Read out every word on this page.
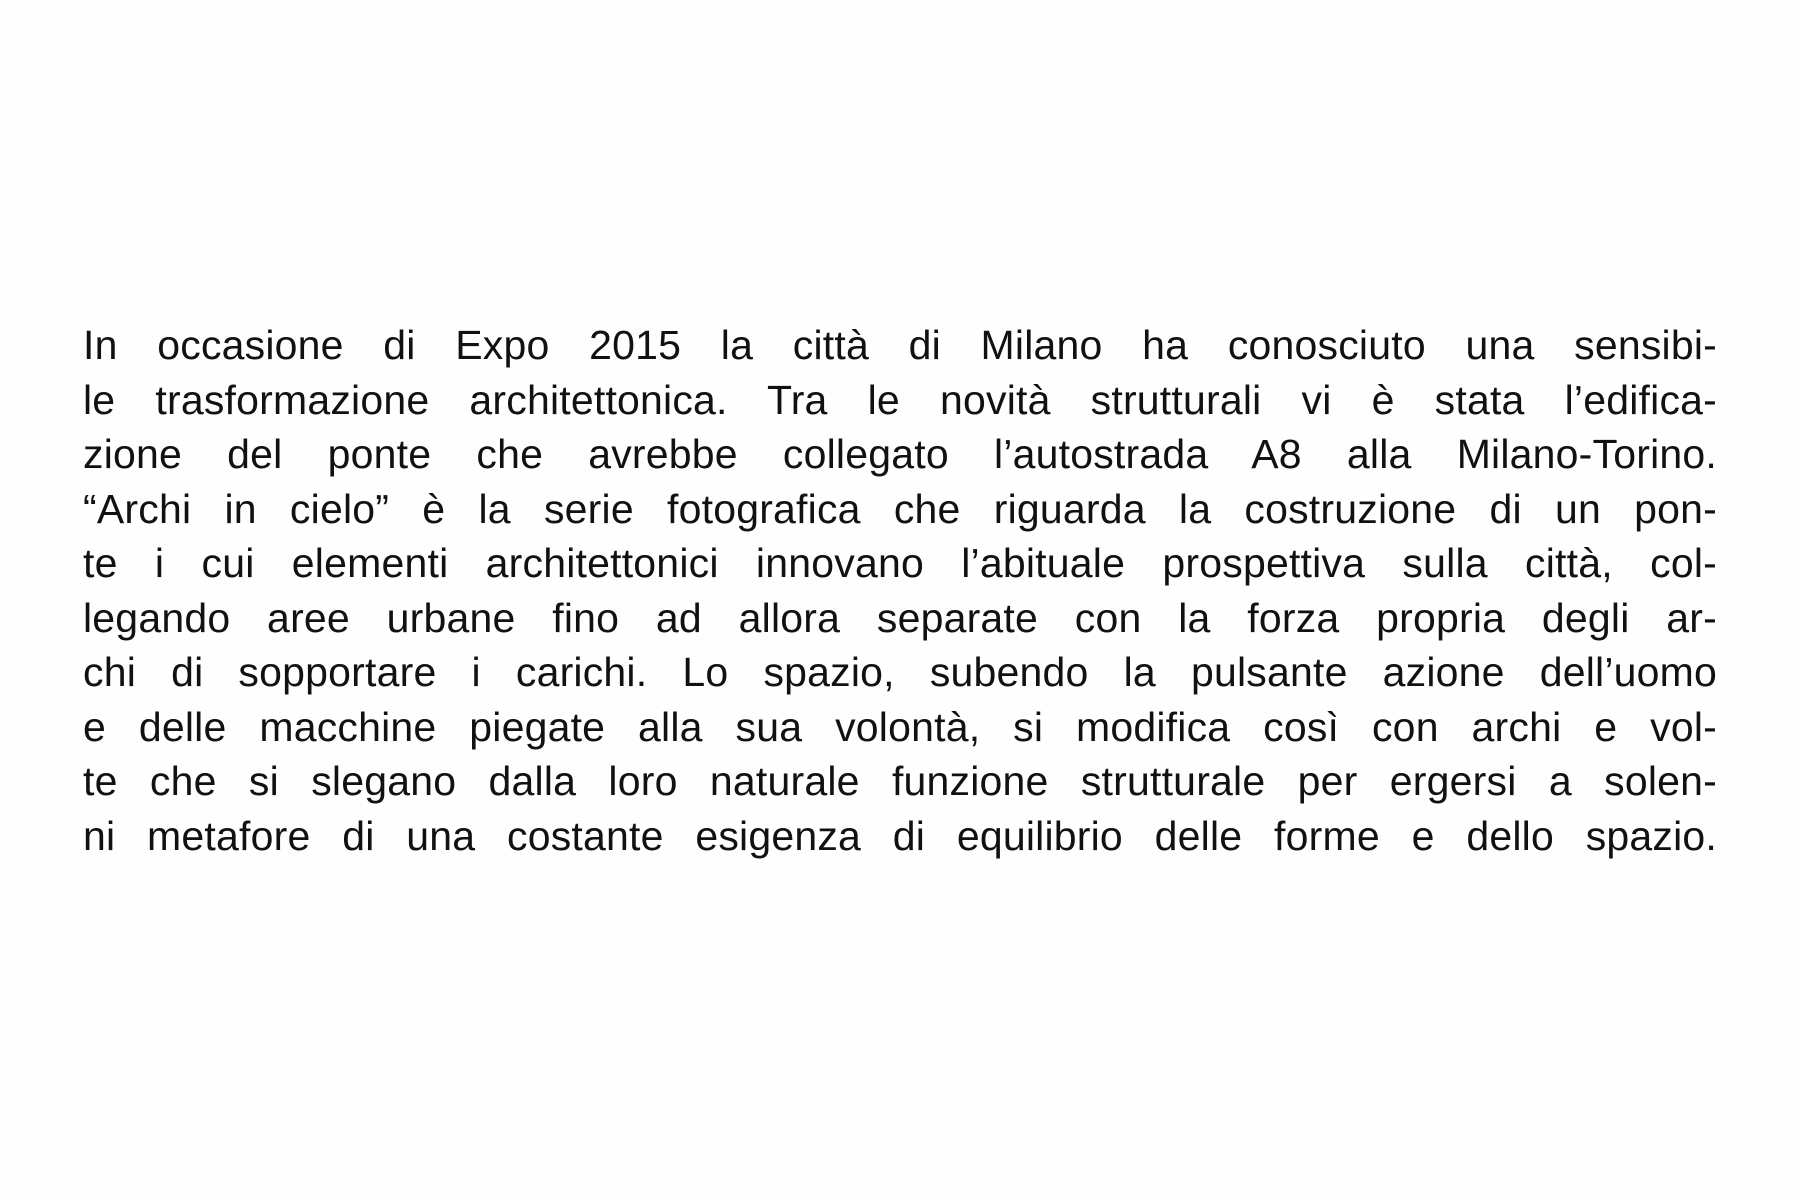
In occasione di Expo 2015 la città di Milano ha conosciuto una sensibi-
le trasformazione architettonica. Tra le novità strutturali vi è stata l’edifica-
zione del ponte che avrebbe collegato l’autostrada A8 alla Milano-Torino.
“Archi in cielo” è la serie fotografica che riguarda la costruzione di un pon-
te i cui elementi architettonici innovano l’abituale prospettiva sulla città, col-
legando aree urbane fino ad allora separate con la forza propria degli ar-
chi di sopportare i carichi. Lo spazio, subendo la pulsante azione dell’uomo
e delle macchine piegate alla sua volontà, si modifica così con archi e vol-
te che si slegano dalla loro naturale funzione strutturale per ergersi a solen-
ni metafore di una costante esigenza di equilibrio delle forme e dello spazio.
